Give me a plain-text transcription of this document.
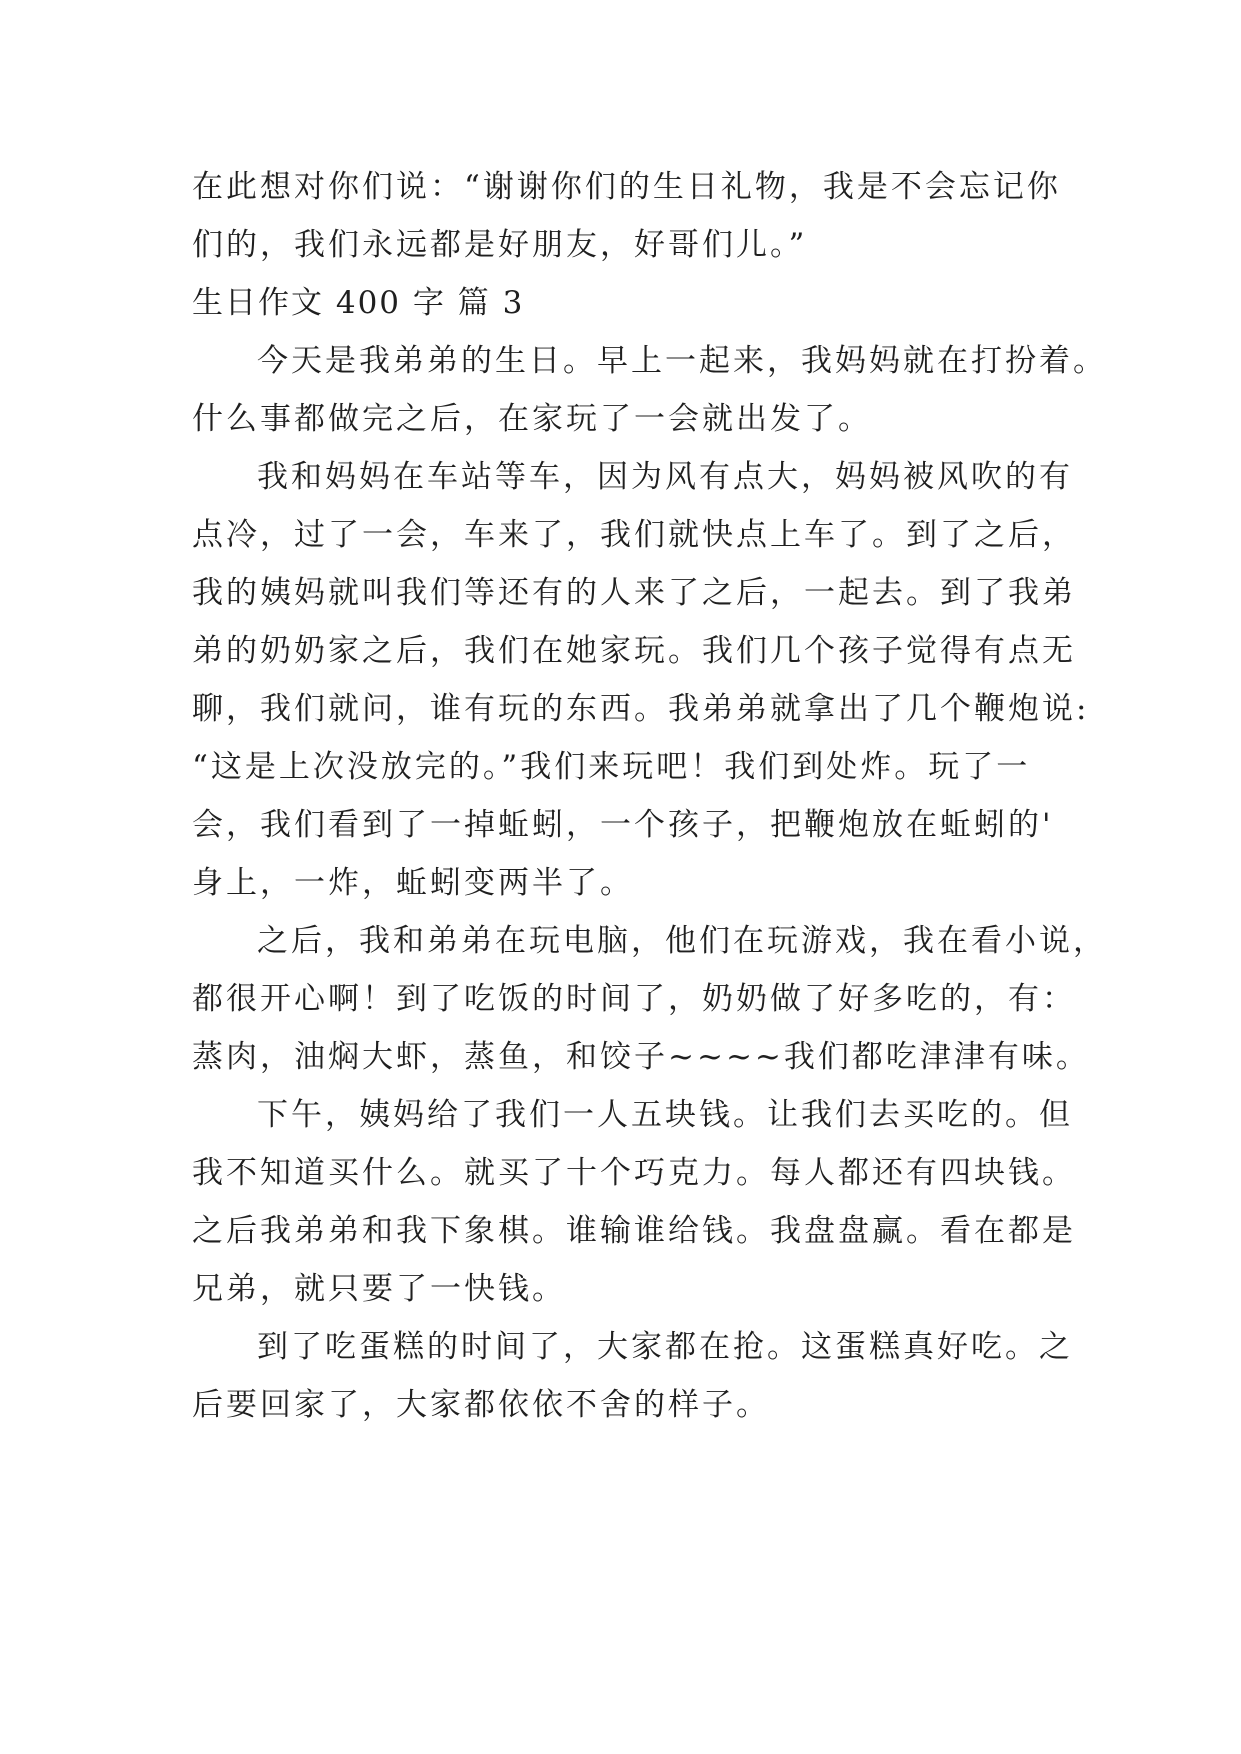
在此想对你们说：“谢谢你们的生日礼物，我是不会忘记你
们的，我们永远都是好朋友，好哥们儿。”
生日作文 400 字 篇 3
今天是我弟弟的生日。早上一起来，我妈妈就在打扮着。
什么事都做完之后，在家玩了一会就出发了。
我和妈妈在车站等车，因为风有点大，妈妈被风吹的有
点冷，过了一会，车来了，我们就快点上车了。到了之后，
我的姨妈就叫我们等还有的人来了之后，一起去。到了我弟
弟的奶奶家之后，我们在她家玩。我们几个孩子觉得有点无
聊，我们就问，谁有玩的东西。我弟弟就拿出了几个鞭炮说:
“这是上次没放完的。”我们来玩吧！我们到处炸。玩了一
会，我们看到了一掉蚯蚓，一个孩子，把鞭炮放在蚯蚓的'
身上，一炸，蚯蚓变两半了。
之后，我和弟弟在玩电脑，他们在玩游戏，我在看小说，
都很开心啊！到了吃饭的时间了，奶奶做了好多吃的，有：
蒸肉，油焖大虾，蒸鱼，和饺子~~~~我们都吃津津有味。
下午，姨妈给了我们一人五块钱。让我们去买吃的。但
我不知道买什么。就买了十个巧克力。每人都还有四块钱。
之后我弟弟和我下象棋。谁输谁给钱。我盘盘赢。看在都是
兄弟，就只要了一快钱。
到了吃蛋糕的时间了，大家都在抢。这蛋糕真好吃。之
后要回家了，大家都依依不舍的样子。
